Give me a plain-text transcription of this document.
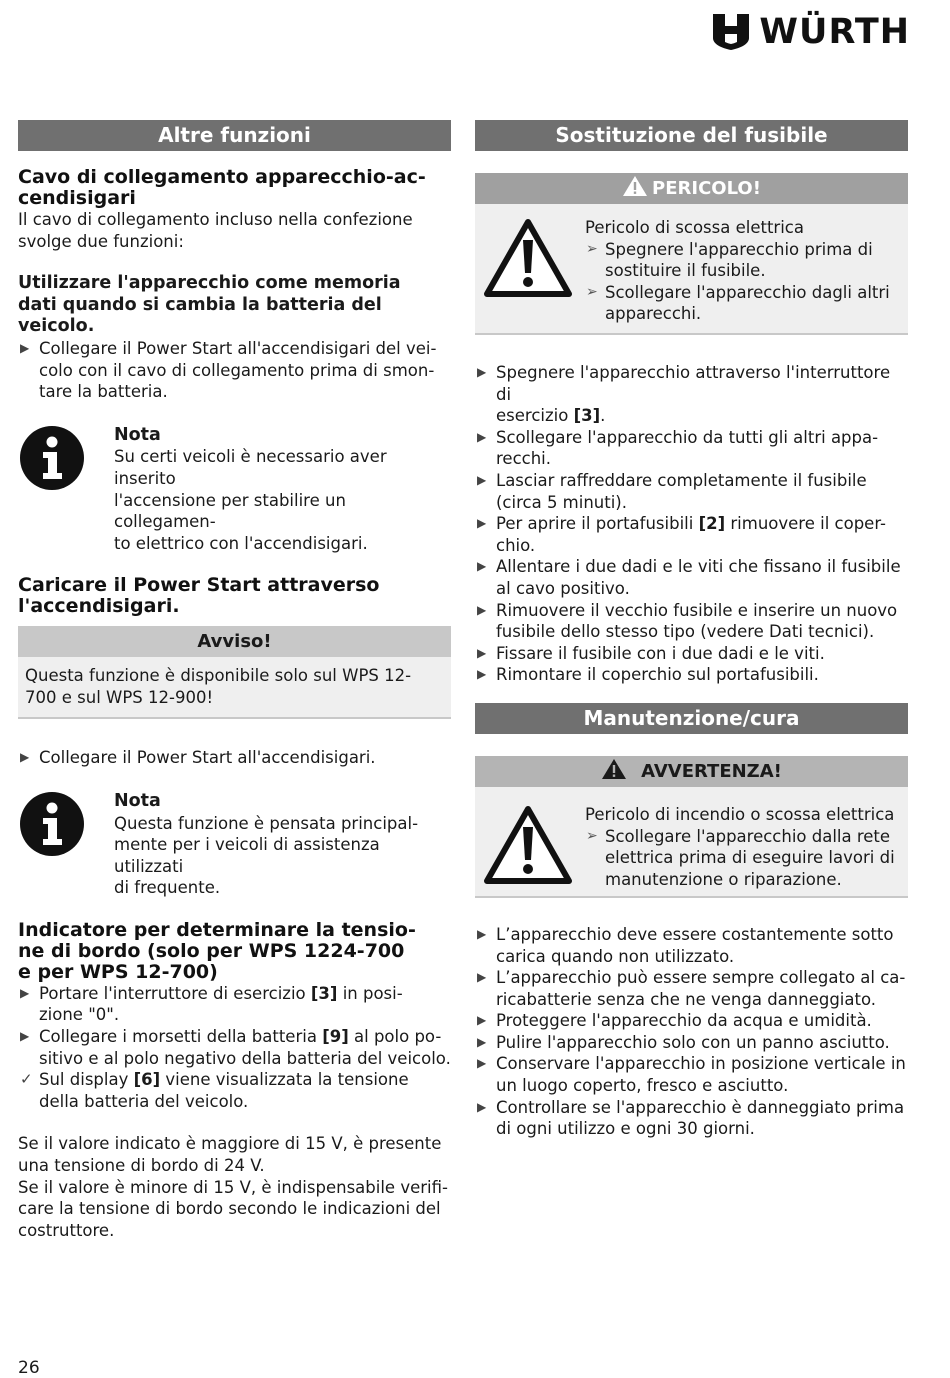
WÜRTH
Altre funzioni
Cavo di collegamento apparecchio-ac-
cendisigari
Il cavo di collegamento incluso nella confezione
svolge due funzioni:
Utilizzare l'apparecchio come memoria
dati quando si cambia la batteria del
veicolo.
▶ Collegare il Power Start all'accendisigari del vei-
colo con il cavo di collegamento prima di smon-
tare la batteria.
Nota
Su certi veicoli è necessario aver inserito
l'accensione per stabilire un collegamen-
to elettrico con l'accendisigari.
Caricare il Power Start attraverso
l'accendisigari.
Avviso!
Questa funzione è disponibile solo sul WPS 12-
700 e sul WPS 12-900!
▶ Collegare il Power Start all'accendisigari.
Nota
Questa funzione è pensata principal-
mente per i veicoli di assistenza utilizzati
di frequente.
Indicatore per determinare la tensio-
ne di bordo (solo per WPS 1224-700
e per WPS 12-700)
▶ Portare l'interruttore di esercizio [3] in posi-
zione "0".
▶ Collegare i morsetti della batteria [9] al polo po-
sitivo e al polo negativo della batteria del veicolo.
✓ Sul display [6] viene visualizzata la tensione
della batteria del veicolo.
Se il valore indicato è maggiore di 15 V, è presente
una tensione di bordo di 24 V.
Se il valore è minore di 15 V, è indispensabile verifi-
care la tensione di bordo secondo le indicazioni del
costruttore.
Sostituzione del fusibile
PERICOLO!
Pericolo di scossa elettrica
➢ Spegnere l'apparecchio prima di
sostituire il fusibile.
➢ Scollegare l'apparecchio dagli altri
apparecchi.
▶ Spegnere l'apparecchio attraverso l'interruttore di
esercizio [3].
▶ Scollegare l'apparecchio da tutti gli altri appa-
recchi.
▶ Lasciar raffreddare completamente il fusibile
(circa 5 minuti).
▶ Per aprire il portafusibili [2] rimuovere il coper-
chio.
▶ Allentare i due dadi e le viti che fissano il fusibile
al cavo positivo.
▶ Rimuovere il vecchio fusibile e inserire un nuovo
fusibile dello stesso tipo (vedere Dati tecnici).
▶ Fissare il fusibile con i due dadi e le viti.
▶ Rimontare il coperchio sul portafusibili.
Manutenzione/cura
AVVERTENZA!
Pericolo di incendio o scossa elettrica
➢ Scollegare l'apparecchio dalla rete
elettrica prima di eseguire lavori di
manutenzione o riparazione.
▶ L’apparecchio deve essere costantemente sotto
carica quando non utilizzato.
▶ L’apparecchio può essere sempre collegato al ca-
ricabatterie senza che ne venga danneggiato.
▶ Proteggere l'apparecchio da acqua e umidità.
▶ Pulire l'apparecchio solo con un panno asciutto.
▶ Conservare l'apparecchio in posizione verticale in
un luogo coperto, fresco e asciutto.
▶ Controllare se l'apparecchio è danneggiato prima
di ogni utilizzo e ogni 30 giorni.
26
